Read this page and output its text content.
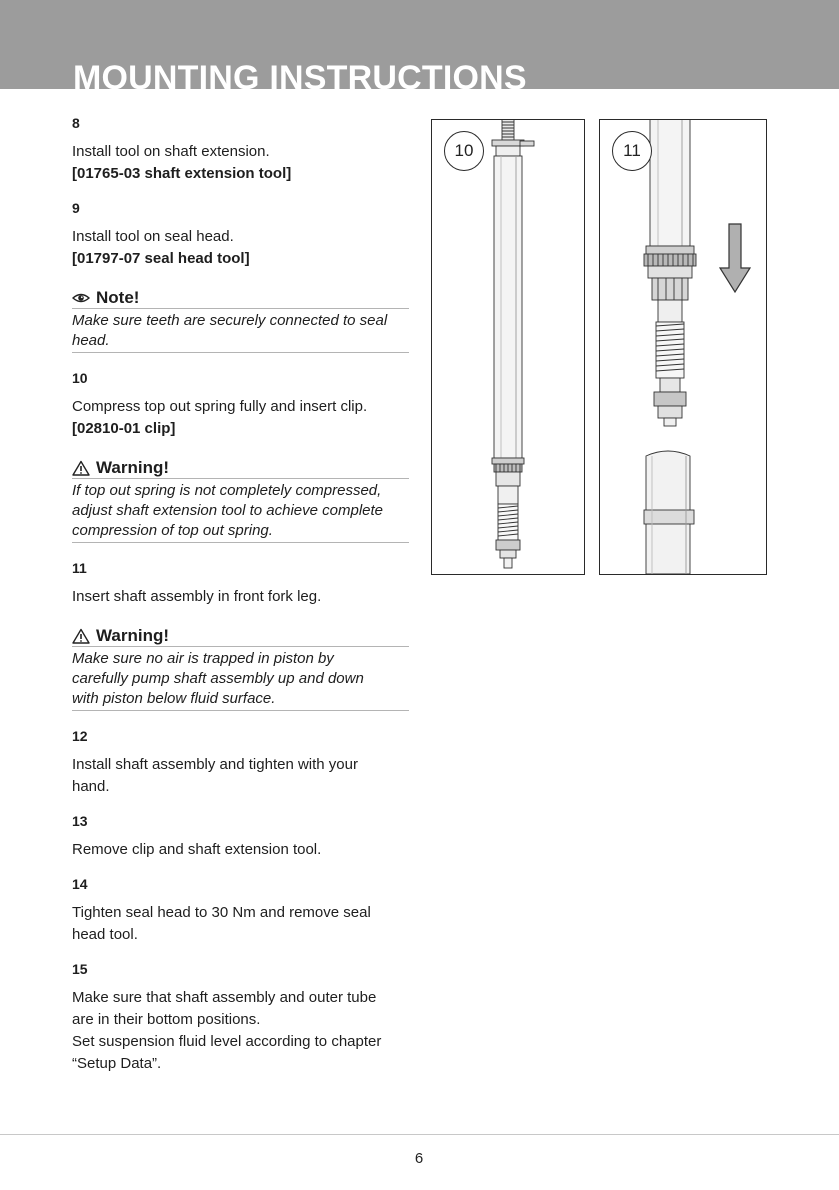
MOUNTING INSTRUCTIONS
8

Install tool on shaft extension.

[01765-03 shaft extension tool]

9

Install tool on seal head.

[01797-07 seal head tool]

Note!
Make sure teeth are securely connected to seal
head.
10

Compress top out spring fully and insert clip.

[02810-01 clip]

Warning!
If top out spring is not completely compressed,
adjust shaft extension tool to achieve complete
compression of top out spring.
11

Insert shaft assembly in front fork leg.

Warning!
Make sure no air is trapped in piston by
carefully pump shaft assembly up and down
with piston below fluid surface.
12

Install shaft assembly and tighten with your

hand.

13

Remove clip and shaft extension tool.

14

Tighten seal head to 30 Nm and remove seal

head tool.

15

Make sure that shaft assembly and outer tube

are in their bottom positions.

Set suspension fluid level according to chapter

“Setup Data”.

10	11
6
